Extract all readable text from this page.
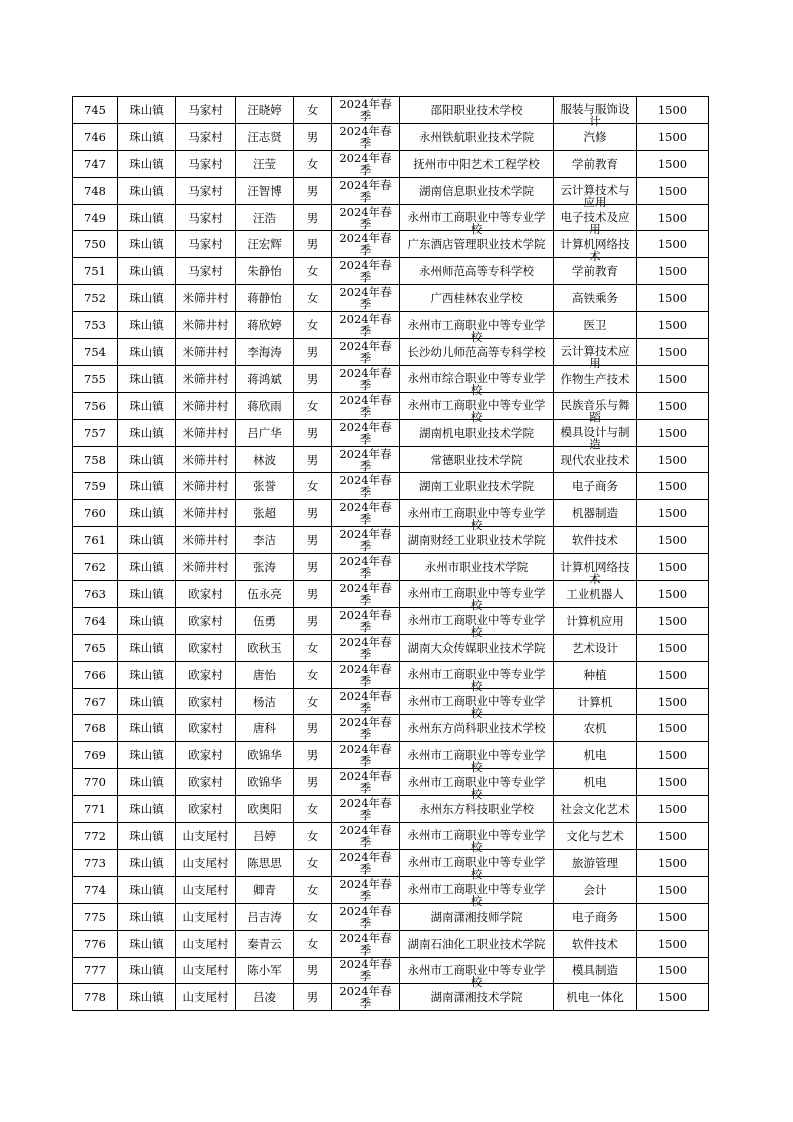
745	珠山镇	马家村	汪晓婷	女	2024年春季	邵阳职业技术学校	服装与服饰设计	1500
746	珠山镇	马家村	汪志贤	男	2024年春季	永州铁航职业技术学院	汽修	1500
747	珠山镇	马家村	汪莹	女	2024年春季	抚州市中阳艺术工程学校	学前教育	1500
748	珠山镇	马家村	汪智博	男	2024年春季	湖南信息职业技术学院	云计算技术与应用	1500
749	珠山镇	马家村	汪浩	男	2024年春季	永州市工商职业中等专业学校	电子技术及应用	1500
750	珠山镇	马家村	汪宏辉	男	2024年春季	广东酒店管理职业技术学院	计算机网络技术	1500
751	珠山镇	马家村	朱静怡	女	2024年春季	永州师范高等专科学校	学前教育	1500
752	珠山镇	米筛井村	蒋静怡	女	2024年春季	广西桂林农业学校	高铁乘务	1500
753	珠山镇	米筛井村	蒋欣婷	女	2024年春季	永州市工商职业中等专业学校	医卫	1500
754	珠山镇	米筛井村	李海涛	男	2024年春季	长沙幼儿师范高等专科学校	云计算技术应用	1500
755	珠山镇	米筛井村	蒋鸿斌	男	2024年春季	永州市综合职业中等专业学校	作物生产技术	1500
756	珠山镇	米筛井村	蒋欣雨	女	2024年春季	永州市工商职业中等专业学校	民族音乐与舞蹈	1500
757	珠山镇	米筛井村	吕广华	男	2024年春季	湖南机电职业技术学院	模具设计与制造	1500
758	珠山镇	米筛井村	林波	男	2024年春季	常德职业技术学院	现代农业技术	1500
759	珠山镇	米筛井村	张誉	女	2024年春季	湖南工业职业技术学院	电子商务	1500
760	珠山镇	米筛井村	张超	男	2024年春季	永州市工商职业中等专业学校	机器制造	1500
761	珠山镇	米筛井村	李洁	男	2024年春季	湖南财经工业职业技术学院	软件技术	1500
762	珠山镇	米筛井村	张涛	男	2024年春季	永州市职业技术学院	计算机网络技术	1500
763	珠山镇	欧家村	伍永亮	男	2024年春季	永州市工商职业中等专业学校	工业机器人	1500
764	珠山镇	欧家村	伍勇	男	2024年春季	永州市工商职业中等专业学校	计算机应用	1500
765	珠山镇	欧家村	欧秋玉	女	2024年春季	湖南大众传媒职业技术学院	艺术设计	1500
766	珠山镇	欧家村	唐怡	女	2024年春季	永州市工商职业中等专业学校	种植	1500
767	珠山镇	欧家村	杨洁	女	2024年春季	永州市工商职业中等专业学校	计算机	1500
768	珠山镇	欧家村	唐科	男	2024年春季	永州东方尚科职业技术学校	农机	1500
769	珠山镇	欧家村	欧锦华	男	2024年春季	永州市工商职业中等专业学校	机电	1500
770	珠山镇	欧家村	欧锦华	男	2024年春季	永州市工商职业中等专业学校	机电	1500
771	珠山镇	欧家村	欧奥阳	女	2024年春季	永州东方科技职业学校	社会文化艺术	1500
772	珠山镇	山支尾村	吕婷	女	2024年春季	永州市工商职业中等专业学校	文化与艺术	1500
773	珠山镇	山支尾村	陈思思	女	2024年春季	永州市工商职业中等专业学校	旅游管理	1500
774	珠山镇	山支尾村	卿青	女	2024年春季	永州市工商职业中等专业学校	会计	1500
775	珠山镇	山支尾村	吕吉涛	女	2024年春季	湖南潇湘技师学院	电子商务	1500
776	珠山镇	山支尾村	秦青云	女	2024年春季	湖南石油化工职业技术学院	软件技术	1500
777	珠山镇	山支尾村	陈小军	男	2024年春季	永州市工商职业中等专业学校	模具制造	1500
778	珠山镇	山支尾村	吕凌	男	2024年春季	湖南潇湘技术学院	机电一体化	1500
